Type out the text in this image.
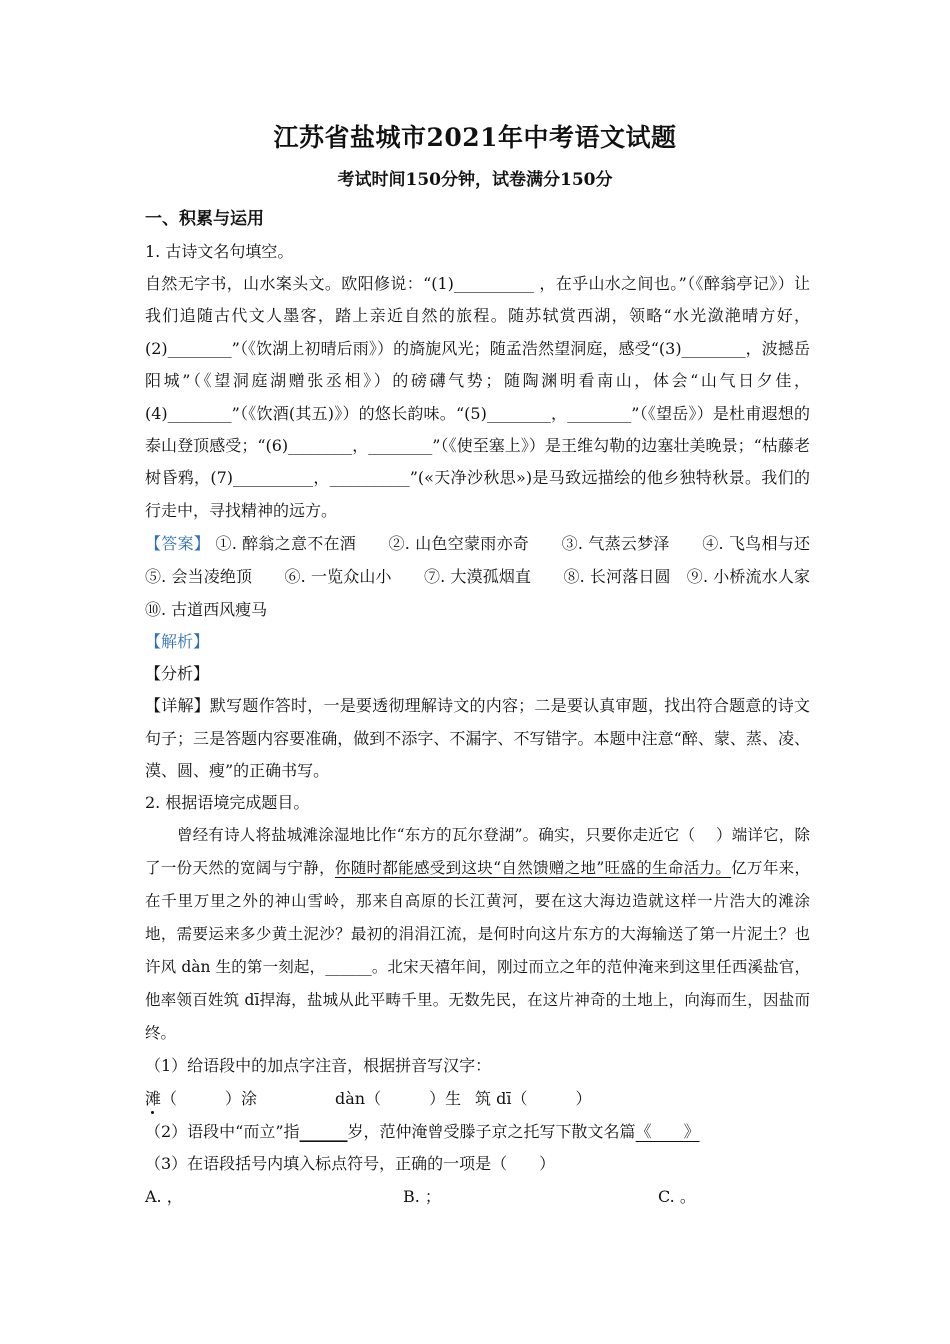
江苏省盐城市2021年中考语文试题
考试时间150分钟，试卷满分150分
一、积累与运用

1. 古诗文名句填空。

自然无字书，山水案头文。欧阳修说：“(1)__________ ，在乎山水之间也。”（《醉翁亭记》）让我们追随古代文人墨客，踏上亲近自然的旅程。随苏轼赏西湖，领略“水光潋滟晴方好，(2)________”（《饮湖上初晴后雨》）的旖旎风光；随孟浩然望洞庭，感受“(3)________，波撼岳阳城”（《望洞庭湖赠张丞相》）的磅礴气势；随陶渊明看南山，体会“山气日夕佳，(4)________”（《饮酒(其五)》）的悠长韵味。“(5)________，________”（《望岳》）是杜甫遐想的泰山登顶感受；“(6)________，________”（《使至塞上》）是王维勾勒的边塞壮美晚景；“枯藤老树昏鸦，(7)__________，__________”(«天净沙秋思»)是马致远描绘的他乡独特秋景。我们的行走中，寻找精神的远方。

【答案】 ①. 醉翁之意不在酒　　②. 山色空蒙雨亦奇　　③. 气蒸云梦泽　　④. 飞鸟相与还　　⑤. 会当凌绝顶　　⑥. 一览众山小　　⑦. 大漠孤烟直　　⑧. 长河落日圆　⑨. 小桥流水人家　　⑩. 古道西风瘦马

【解析】

【分析】

【详解】默写题作答时，一是要透彻理解诗文的内容；二是要认真审题，找出符合题意的诗文句子；三是答题内容要准确，做到不添字、不漏字、不写错字。本题中注意“醉、蒙、蒸、凌、漠、圆、瘦”的正确书写。

2. 根据语境完成题目。

曾经有诗人将盐城滩涂湿地比作“东方的瓦尔登湖”。确实，只要你走近它（　 ）端详它，除了一份天然的宽阔与宁静，你随时都能感受到这块“自然馈赠之地”旺盛的生命活力。亿万年来，在千里万里之外的神山雪岭，那来自高原的长江黄河，要在这大海边造就这样一片浩大的滩涂地，需要运来多少黄土泥沙？最初的涓涓江流，是何时向这片东方的大海输送了第一片泥土？也许风 dàn 生的第一刻起，______。北宋天禧年间，刚过而立之年的范仲淹来到这里任西溪盐官，他率领百姓筑 dī捍海，盐城从此平畴千里。无数先民，在这片神奇的土地上，向海而生，因盐而终。

（1）给语段中的加点字注音，根据拼音写汉字：

滩（　　　）涂	dàn（　　　）生 筑 dī（　　　）

（2）语段中“而立”指______岁，范仲淹曾受滕子京之托写下散文名篇《　　》

（3）在语段括号内填入标点符号，正确的一项是（　　）

A. ，	B. ；	C. 。
